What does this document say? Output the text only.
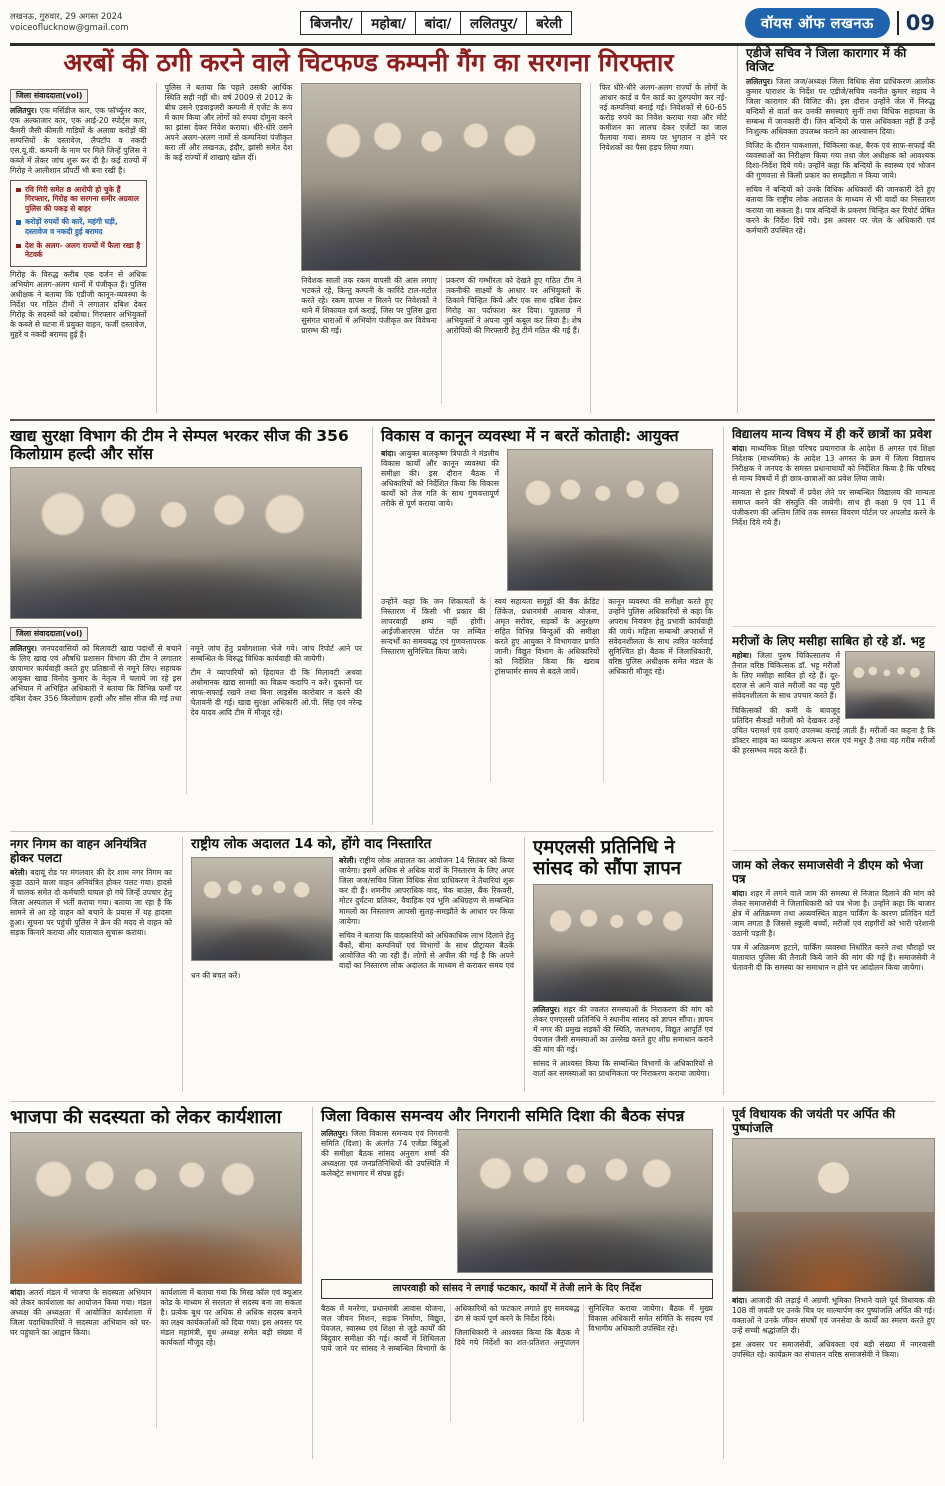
लखनऊ, गुरुवार, 29 अगस्त 2024
voiceoflucknow@gmail.com	बिजनौर/	महोबा/	बांदा/	ललितपुर/	बरेली	वॉयस ऑफ लखनऊ	09
अरबों की ठगी करने वाले चिटफण्ड कम्पनी गैंग का सरगना गिरफ्तार
जिला संवाददाता(vol)

ललितपुर। एक मर्सिडीज कार, एक फॉर्च्यूनर कार, एक अल्काजार कार, एक आई-20 स्पोर्ट्स कार, कैमरी जैसी कीमती गाड़ियों के अलावा करोड़ों की सम्पत्तियों के दस्तावेज, लैपटॉप व नकदी एस.यू.वी. कम्पनी के नाम पर मिले जिन्हें पुलिस ने कब्जे में लेकर जांच शुरू कर दी है। कई राज्यों में गिरोह ने आलीशान प्रॉपर्टी भी बना रखी है।

रवि गिरी समेत 8 आरोपी हो चुके हैं गिरफ्तार, गिरोह का सरगना समीर अग्रवाल पुलिस की पकड़ से बाहर
करोड़ों रुपयों की कारें, महंगी घड़ी, दस्तावेज व नकदी हुई बरामद
देश के अलग- अलग राज्यों में फैला रखा है नेटवर्क

गिरोह के विरुद्ध करीब एक दर्जन से अधिक अभियोग अलग-अलग थानों में पंजीकृत हैं। पुलिस अधीक्षक ने बताया कि एडीजी कानून-व्यवस्था के निर्देश पर गठित टीमों ने लगातार दबिश देकर गिरोह के सदस्यों को दबोचा। गिरफ्तार अभियुक्तों के कब्जे से घटना में प्रयुक्त वाहन, फर्जी दस्तावेज, मुहरें व नकदी बरामद हुई है।

पुलिस ने बताया कि पहले उसकी आर्थिक स्थिति सही नहीं थी। वर्ष 2009 से 2012 के बीच उसने एडवाइजरी कम्पनी में एजेंट के रूप में काम किया और लोगों को रुपया दोगुना करने का झांसा देकर निवेश कराया। धीरे-धीरे उसने अपने अलग-अलग नामों से कम्पनियां पंजीकृत करा लीं और लखनऊ, इंदौर, झांसी समेत देश के कई राज्यों में शाखाएं खोल दीं।

निवेशक सालों तक रकम वापसी की आस लगाए भटकते रहे, किन्तु कम्पनी के कारिंदे टाल-मटोल करते रहे। रकम वापस न मिलने पर निवेशकों ने थाने में शिकायत दर्ज कराई, जिस पर पुलिस द्वारा सुसंगत धाराओं में अभियोग पंजीकृत कर विवेचना प्रारम्भ की गई।

प्रकरण की गम्भीरता को देखते हुए गठित टीम ने तकनीकी साक्ष्यों के आधार पर अभियुक्तों के ठिकाने चिन्हित किये और एक साथ दबिश देकर गिरोह का पर्दाफाश कर दिया। पूछताछ में अभियुक्तों ने अपना जुर्म कबूल कर लिया है। शेष आरोपियों की गिरफ्तारी हेतु टीमें गठित की गई हैं।

फिर धीरे-धीरे अलग-अलग राज्यों के लोगों के आधार कार्ड व पैन कार्ड का दुरुपयोग कर नई-नई कम्पनियां बनाई गईं। निवेशकों से 60-65 करोड़ रुपये का निवेश कराया गया और मोटे कमीशन का लालच देकर एजेंटों का जाल फैलाया गया। समय पर भुगतान न होने पर निवेशकों का पैसा हड़प लिया गया।

एडीजे सचिव ने जिला कारागार में की विजिट

ललितपुर। जिला जज/अध्यक्ष जिला विधिक सेवा प्राधिकरण आलोक कुमार पाराशर के निर्देश पर एडीजे/सचिव नवनीत कुमार सहाय ने जिला कारागार की विजिट की। इस दौरान उन्होंने जेल में निरुद्ध बन्दियों से वार्ता कर उनकी समस्याएं सुनीं तथा विधिक सहायता के सम्बन्ध में जानकारी दी। जिन बन्दियों के पास अधिवक्ता नहीं हैं उन्हें निःशुल्क अधिवक्ता उपलब्ध कराने का आश्वासन दिया।

विजिट के दौरान पाकशाला, चिकित्सा कक्ष, बैरक एवं साफ-सफाई की व्यवस्थाओं का निरीक्षण किया गया तथा जेल अधीक्षक को आवश्यक दिशा-निर्देश दिये गये। उन्होंने कहा कि बन्दियों के स्वास्थ्य एवं भोजन की गुणवत्ता से किसी प्रकार का समझौता न किया जाये।

सचिव ने बन्दियों को उनके विधिक अधिकारों की जानकारी देते हुए बताया कि राष्ट्रीय लोक अदालत के माध्यम से भी वादों का निस्तारण कराया जा सकता है। पात्र बन्दियों के प्रकरण चिन्हित कर रिपोर्ट प्रेषित करने के निर्देश दिये गये। इस अवसर पर जेल के अधिकारी एवं कर्मचारी उपस्थित रहे।

खाद्य सुरक्षा विभाग की टीम ने सेम्पल भरकर सीज की 356 किलोग्राम हल्दी और सॉस
जिला संवाददाता(vol)

ललितपुर। जनपदवासियों को मिलावटी खाद्य पदार्थों से बचाने के लिए खाद्य एवं औषधि प्रशासन विभाग की टीम ने लगातार छापामार कार्यवाही करते हुए प्रतिष्ठानों से नमूने लिए। सहायक आयुक्त खाद्य विनोद कुमार के नेतृत्व में चलाये जा रहे इस अभियान में अभिहित अधिकारी ने बताया कि विभिन्न फर्मों पर दबिश देकर 356 किलोग्राम हल्दी और सॉस सीज की गई तथा नमूने जांच हेतु प्रयोगशाला भेजे गये। जांच रिपोर्ट आने पर सम्बन्धित के विरुद्ध विधिक कार्यवाही की जायेगी।

टीम ने व्यापारियों को हिदायत दी कि मिलावटी अथवा अधोमानक खाद्य सामग्री का विक्रय कदापि न करें। दुकानों पर साफ-सफाई रखने तथा बिना लाइसेंस कारोबार न करने की चेतावनी दी गई। खाद्य सुरक्षा अधिकारी ओ.पी. सिंह एवं नरेन्द्र देव यादव आदि टीम में मौजूद रहे।

विकास व कानून व्यवस्था में न बरतें कोताही: आयुक्त

बांदा। आयुक्त बालकृष्ण त्रिपाठी ने मंडलीय विकास कार्यों और कानून व्यवस्था की समीक्षा की। इस दौरान बैठक में अधिकारियों को निर्देशित किया कि विकास कार्यों को तेज गति के साथ गुणवत्तापूर्ण तरीके से पूर्ण कराया जाये।

उन्होंने कहा कि जन शिकायतों के निस्तारण में किसी भी प्रकार की लापरवाही क्षम्य नहीं होगी। आईजीआरएस पोर्टल पर लम्बित सन्दर्भों का समयबद्ध एवं गुणवत्तापरक निस्तारण सुनिश्चित किया जाये।

स्वयं सहायता समूहों की बैंक क्रेडिट लिंकेज, प्रधानमंत्री आवास योजना, अमृत सरोवर, सड़कों के अनुरक्षण सहित विभिन्न बिन्दुओं की समीक्षा करते हुए आयुक्त ने विभागवार प्रगति जानी। विद्युत विभाग के अधिकारियों को निर्देशित किया कि खराब ट्रांसफार्मर समय से बदले जायें।

कानून व्यवस्था की समीक्षा करते हुए उन्होंने पुलिस अधिकारियों से कहा कि अपराध नियंत्रण हेतु प्रभावी कार्यवाही की जाये। महिला सम्बन्धी अपराधों में संवेदनशीलता के साथ त्वरित कार्रवाई सुनिश्चित हो। बैठक में जिलाधिकारी, वरिष्ठ पुलिस अधीक्षक समेत मंडल के अधिकारी मौजूद रहे।

नगर निगम का वाहन अनियंत्रित होकर पलटा

बरेली। बदायूं रोड पर मंगलवार की देर शाम नगर निगम का कूड़ा उठाने वाला वाहन अनियंत्रित होकर पलट गया। हादसे में चालक समेत दो कर्मचारी घायल हो गये जिन्हें उपचार हेतु जिला अस्पताल में भर्ती कराया गया। बताया जा रहा है कि सामने से आ रहे वाहन को बचाने के प्रयास में यह हादसा हुआ। सूचना पर पहुंची पुलिस ने क्रेन की मदद से वाहन को सड़क किनारे कराया और यातायात सुचारू कराया।

राष्ट्रीय लोक अदालत 14 को, होंगे वाद निस्तारित

बरेली। राष्ट्रीय लोक अदालत का आयोजन 14 सितंबर को किया जायेगा। इसमें अधिक से अधिक वादों के निस्तारण के लिए अपर जिला जज/सचिव जिला विधिक सेवा प्राधिकरण ने तैयारियां शुरू कर दी हैं। शमनीय आपराधिक वाद, चेक बाउंस, बैंक रिकवरी, मोटर दुर्घटना प्रतिकर, वैवाहिक एवं भूमि अधिग्रहण से सम्बन्धित मामलों का निस्तारण आपसी सुलह-समझौते के आधार पर किया जायेगा।

सचिव ने बताया कि वादकारियों को अधिकाधिक लाभ दिलाने हेतु बैंकों, बीमा कम्पनियों एवं विभागों के साथ प्रीट्रायल बैठकें आयोजित की जा रही हैं। लोगों से अपील की गई है कि अपने वादों का निस्तारण लोक अदालत के माध्यम से कराकर समय एवं धन की बचत करें।

एमएलसी प्रतिनिधि ने सांसद को सौंपा ज्ञापन

ललितपुर। शहर की ज्वलंत समस्याओं के निराकरण की मांग को लेकर एमएलसी प्रतिनिधि ने स्थानीय सांसद को ज्ञापन सौंपा। ज्ञापन में नगर की प्रमुख सड़कों की स्थिति, जलभराव, विद्युत आपूर्ति एवं पेयजल जैसी समस्याओं का उल्लेख करते हुए शीघ्र समाधान कराने की मांग की गई।

सांसद ने आश्वस्त किया कि सम्बन्धित विभागों के अधिकारियों से वार्ता कर समस्याओं का प्राथमिकता पर निराकरण कराया जायेगा।

विद्यालय मान्य विषय में ही करें छात्रों का प्रवेश

बांदा। माध्यमिक शिक्षा परिषद प्रयागराज के आदेश 8 अगस्त एवं शिक्षा निदेशक (माध्यमिक) के आदेश 13 अगस्त के क्रम में जिला विद्यालय निरीक्षक ने जनपद के समस्त प्रधानाचार्यों को निर्देशित किया है कि परिषद से मान्य विषयों में ही छात्र-छात्राओं का प्रवेश लिया जाये।

मान्यता से इतर विषयों में प्रवेश लेने पर सम्बन्धित विद्यालय की मान्यता समाप्त करने की संस्तुति की जायेगी। साथ ही कक्षा 9 एवं 11 में पंजीकरण की अन्तिम तिथि तक समस्त विवरण पोर्टल पर अपलोड करने के निर्देश दिये गये हैं।

मरीजों के लिए मसीहा साबित हो रहे डॉ. भट्ट

महोबा। जिला पुरुष चिकित्सालय में तैनात वरिष्ठ चिकित्सक डॉ. भट्ट मरीजों के लिए मसीहा साबित हो रहे हैं। दूर-दराज से आने वाले मरीजों का वह पूरी संवेदनशीलता के साथ उपचार करते हैं।

चिकित्सकों की कमी के बावजूद प्रतिदिन सैकड़ों मरीजों को देखकर उन्हें उचित परामर्श एवं दवाएं उपलब्ध कराई जाती हैं। मरीजों का कहना है कि डॉक्टर साहब का व्यवहार अत्यन्त सरल एवं मधुर है तथा वह गरीब मरीजों की हरसम्भव मदद करते हैं।

जाम को लेकर समाजसेवी ने डीएम को भेजा पत्र

बांदा। शहर में लगने वाले जाम की समस्या से निजात दिलाने की मांग को लेकर समाजसेवी ने जिलाधिकारी को पत्र भेजा है। उन्होंने कहा कि बाजार क्षेत्र में अतिक्रमण तथा अव्यवस्थित वाहन पार्किंग के कारण प्रतिदिन घंटों जाम लगता है जिससे स्कूली बच्चों, मरीजों एवं राहगीरों को भारी परेशानी उठानी पड़ती है।

पत्र में अतिक्रमण हटाने, पार्किंग व्यवस्था निर्धारित करने तथा चौराहों पर यातायात पुलिस की तैनाती किये जाने की मांग की गई है। समाजसेवी ने चेतावनी दी कि समस्या का समाधान न होने पर आंदोलन किया जायेगा।

भाजपा की सदस्यता को लेकर कार्यशाला

बांदा। अतर्रा मंडल में भाजपा के सदस्यता अभियान को लेकर कार्यशाला का आयोजन किया गया। मंडल अध्यक्ष की अध्यक्षता में आयोजित कार्यशाला में जिला पदाधिकारियों ने सदस्यता अभियान को घर-घर पहुंचाने का आह्वान किया।

कार्यशाला में बताया गया कि मिस्ड कॉल एवं क्यूआर कोड के माध्यम से सरलता से सदस्य बना जा सकता है। प्रत्येक बूथ पर अधिक से अधिक सदस्य बनाने का लक्ष्य कार्यकर्ताओं को दिया गया। इस अवसर पर मंडल महामंत्री, बूथ अध्यक्ष समेत बड़ी संख्या में कार्यकर्ता मौजूद रहे।

जिला विकास समन्वय और निगरानी समिति दिशा की बैठक संपन्न

ललितपुर। जिला विकास समन्वय एवं निगरानी समिति (दिशा) के अंतर्गत 74 एजेंडा बिंदुओं की समीक्षा बैठक सांसद अनुराग शर्मा की अध्यक्षता एवं जनप्रतिनिधियों की उपस्थिति में कलेक्ट्रेट सभागार में संपन्न हुई।

लापरवाही को सांसद ने लगाई फटकार, कार्यों में तेजी लाने के दिए निर्देश

बैठक में मनरेगा, प्रधानमंत्री आवास योजना, जल जीवन मिशन, सड़क निर्माण, विद्युत, पेयजल, स्वास्थ्य एवं शिक्षा से जुड़े कार्यों की बिंदुवार समीक्षा की गई। कार्यों में शिथिलता पाये जाने पर सांसद ने सम्बन्धित विभागों के अधिकारियों को फटकार लगाते हुए समयबद्ध ढंग से कार्य पूर्ण करने के निर्देश दिये।

जिलाधिकारी ने आश्वस्त किया कि बैठक में दिये गये निर्देशों का शत-प्रतिशत अनुपालन सुनिश्चित कराया जायेगा। बैठक में मुख्य विकास अधिकारी समेत समिति के सदस्य एवं विभागीय अधिकारी उपस्थित रहे।

पूर्व विधायक की जयंती पर अर्पित की पुष्पांजलि

बांदा। आजादी की लड़ाई में अग्रणी भूमिका निभाने वाले पूर्व विधायक की 108 वीं जयंती पर उनके चित्र पर माल्यार्पण कर पुष्पांजलि अर्पित की गई। वक्ताओं ने उनके जीवन संघर्षों एवं जनसेवा के कार्यों का स्मरण करते हुए उन्हें सच्ची श्रद्धांजलि दी।

इस अवसर पर समाजसेवी, अधिवक्ता एवं बड़ी संख्या में नगरवासी उपस्थित रहे। कार्यक्रम का संचालन वरिष्ठ समाजसेवी ने किया।
